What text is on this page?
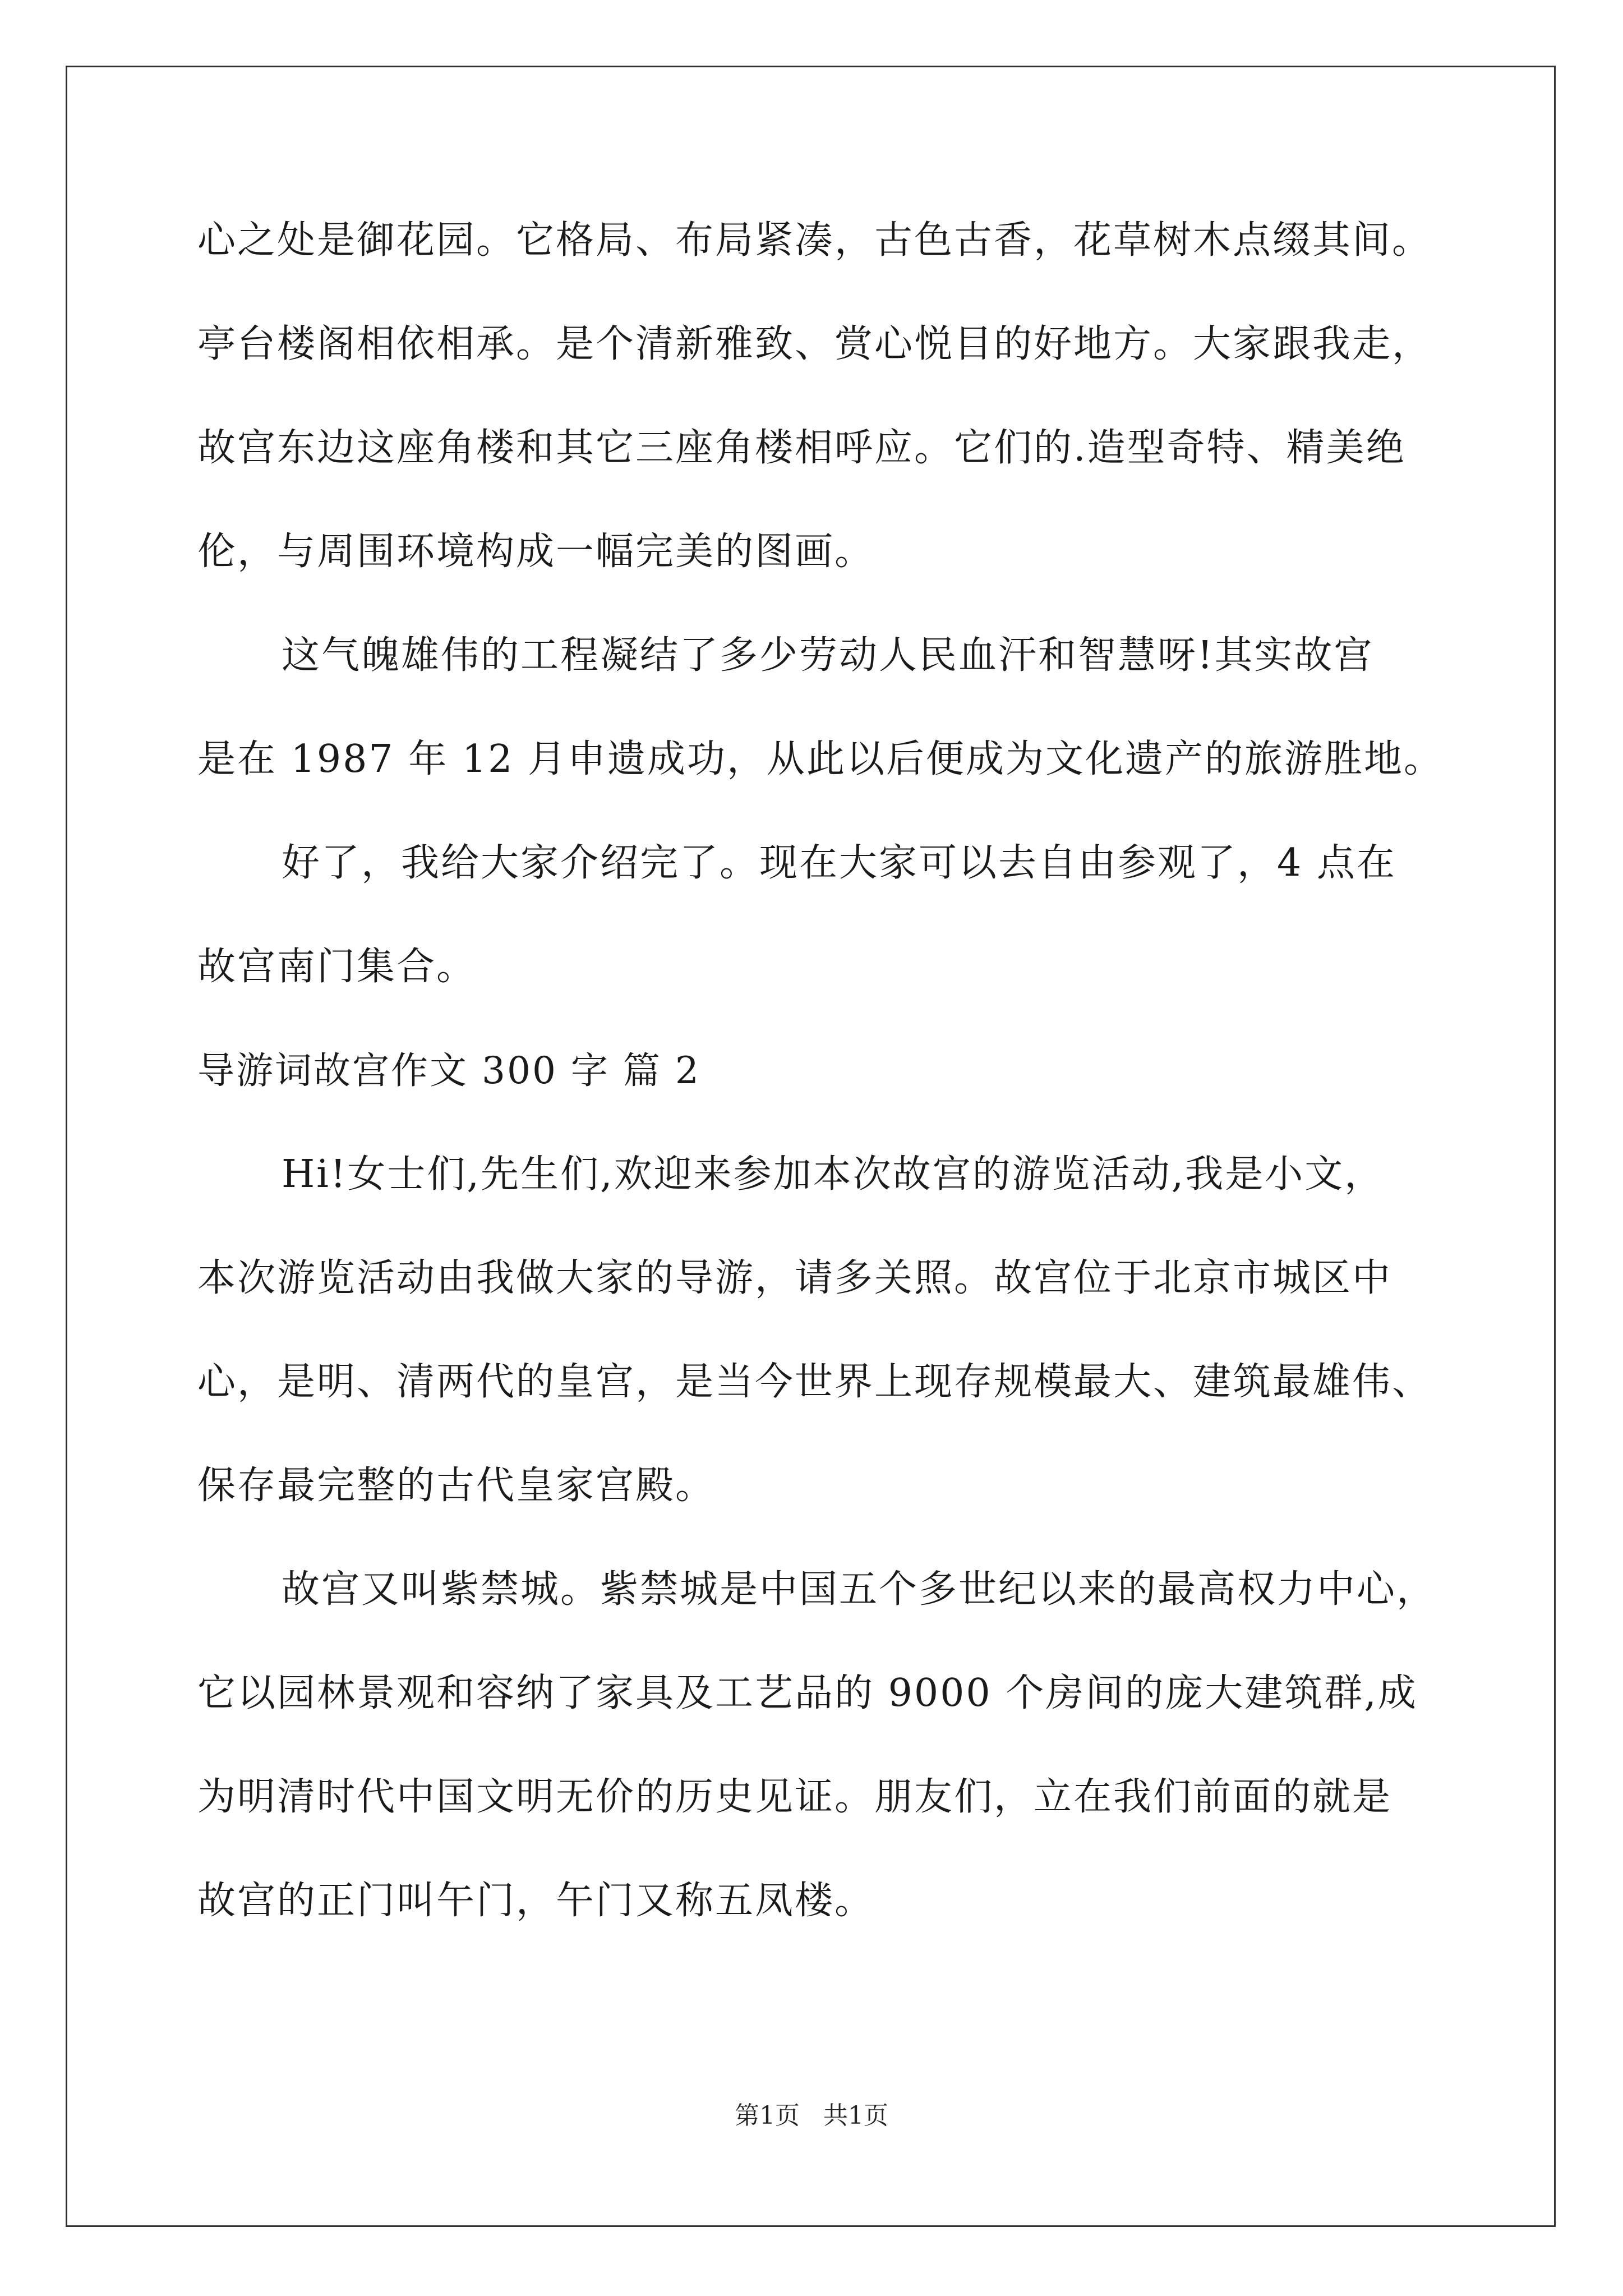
心之处是御花园。它格局、布局紧凑，古色古香，花草树木点缀其间。
亭台楼阁相依相承。是个清新雅致、赏心悦目的好地方。大家跟我走，
故宫东边这座角楼和其它三座角楼相呼应。它们的.造型奇特、精美绝
伦，与周围环境构成一幅完美的图画。
这气魄雄伟的工程凝结了多少劳动人民血汗和智慧呀!其实故宫
是在 1987 年 12 月申遗成功，从此以后便成为文化遗产的旅游胜地。
好了，我给大家介绍完了。现在大家可以去自由参观了，4 点在
故宫南门集合。
导游词故宫作文 300 字 篇 2
Hi!女士们,先生们,欢迎来参加本次故宫的游览活动,我是小文，
本次游览活动由我做大家的导游，请多关照。故宫位于北京市城区中
心，是明、清两代的皇宫，是当今世界上现存规模最大、建筑最雄伟、
保存最完整的古代皇家宫殿。
故宫又叫紫禁城。紫禁城是中国五个多世纪以来的最高权力中心，
它以园林景观和容纳了家具及工艺品的 9000 个房间的庞大建筑群,成
为明清时代中国文明无价的历史见证。朋友们，立在我们前面的就是
故宫的正门叫午门，午门又称五凤楼。
第1页   共1页
